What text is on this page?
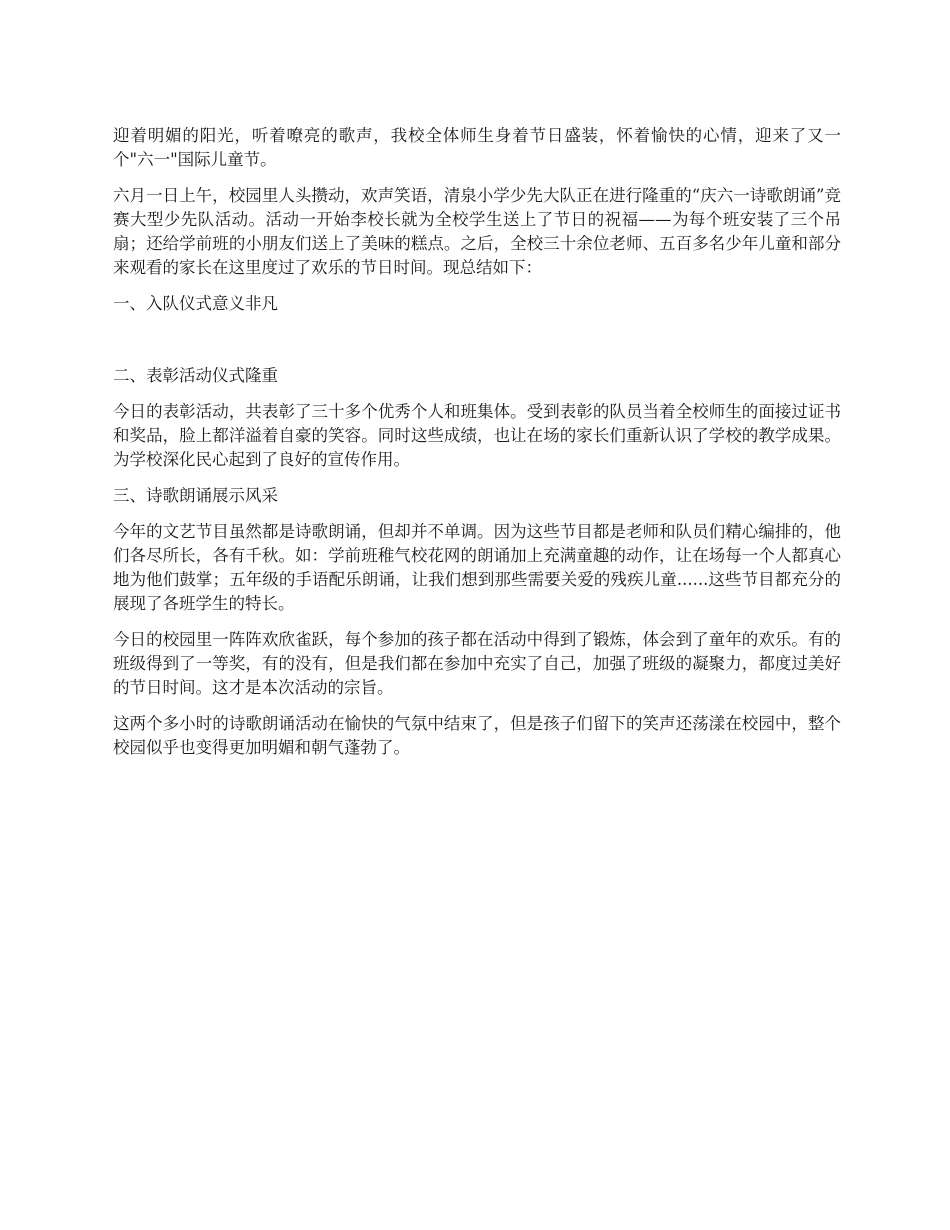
迎着明媚的阳光，听着嘹亮的歌声，我校全体师生身着节日盛装，怀着愉快的心情，迎来了又一个"六一"国际儿童节。

六月一日上午，校园里人头攒动，欢声笑语，清泉小学少先大队正在进行隆重的“庆六一诗歌朗诵”竞赛大型少先队活动。活动一开始李校长就为全校学生送上了节日的祝福——为每个班安装了三个吊扇；还给学前班的小朋友们送上了美味的糕点。之后，全校三十余位老师、五百多名少年儿童和部分来观看的家长在这里度过了欢乐的节日时间。现总结如下：

一、入队仪式意义非凡

二、表彰活动仪式隆重

今日的表彰活动，共表彰了三十多个优秀个人和班集体。受到表彰的队员当着全校师生的面接过证书和奖品，脸上都洋溢着自豪的笑容。同时这些成绩，也让在场的家长们重新认识了学校的教学成果。为学校深化民心起到了良好的宣传作用。

三、诗歌朗诵展示风采

今年的文艺节目虽然都是诗歌朗诵，但却并不单调。因为这些节目都是老师和队员们精心编排的，他们各尽所长，各有千秋。如：学前班稚气校花网的朗诵加上充满童趣的动作，让在场每一个人都真心地为他们鼓掌；五年级的手语配乐朗诵，让我们想到那些需要关爱的残疾儿童......这些节目都充分的展现了各班学生的特长。

今日的校园里一阵阵欢欣雀跃，每个参加的孩子都在活动中得到了锻炼，体会到了童年的欢乐。有的班级得到了一等奖，有的没有，但是我们都在参加中充实了自己，加强了班级的凝聚力，都度过美好的节日时间。这才是本次活动的宗旨。

这两个多小时的诗歌朗诵活动在愉快的气氛中结束了，但是孩子们留下的笑声还荡漾在校园中，整个校园似乎也变得更加明媚和朝气蓬勃了。
